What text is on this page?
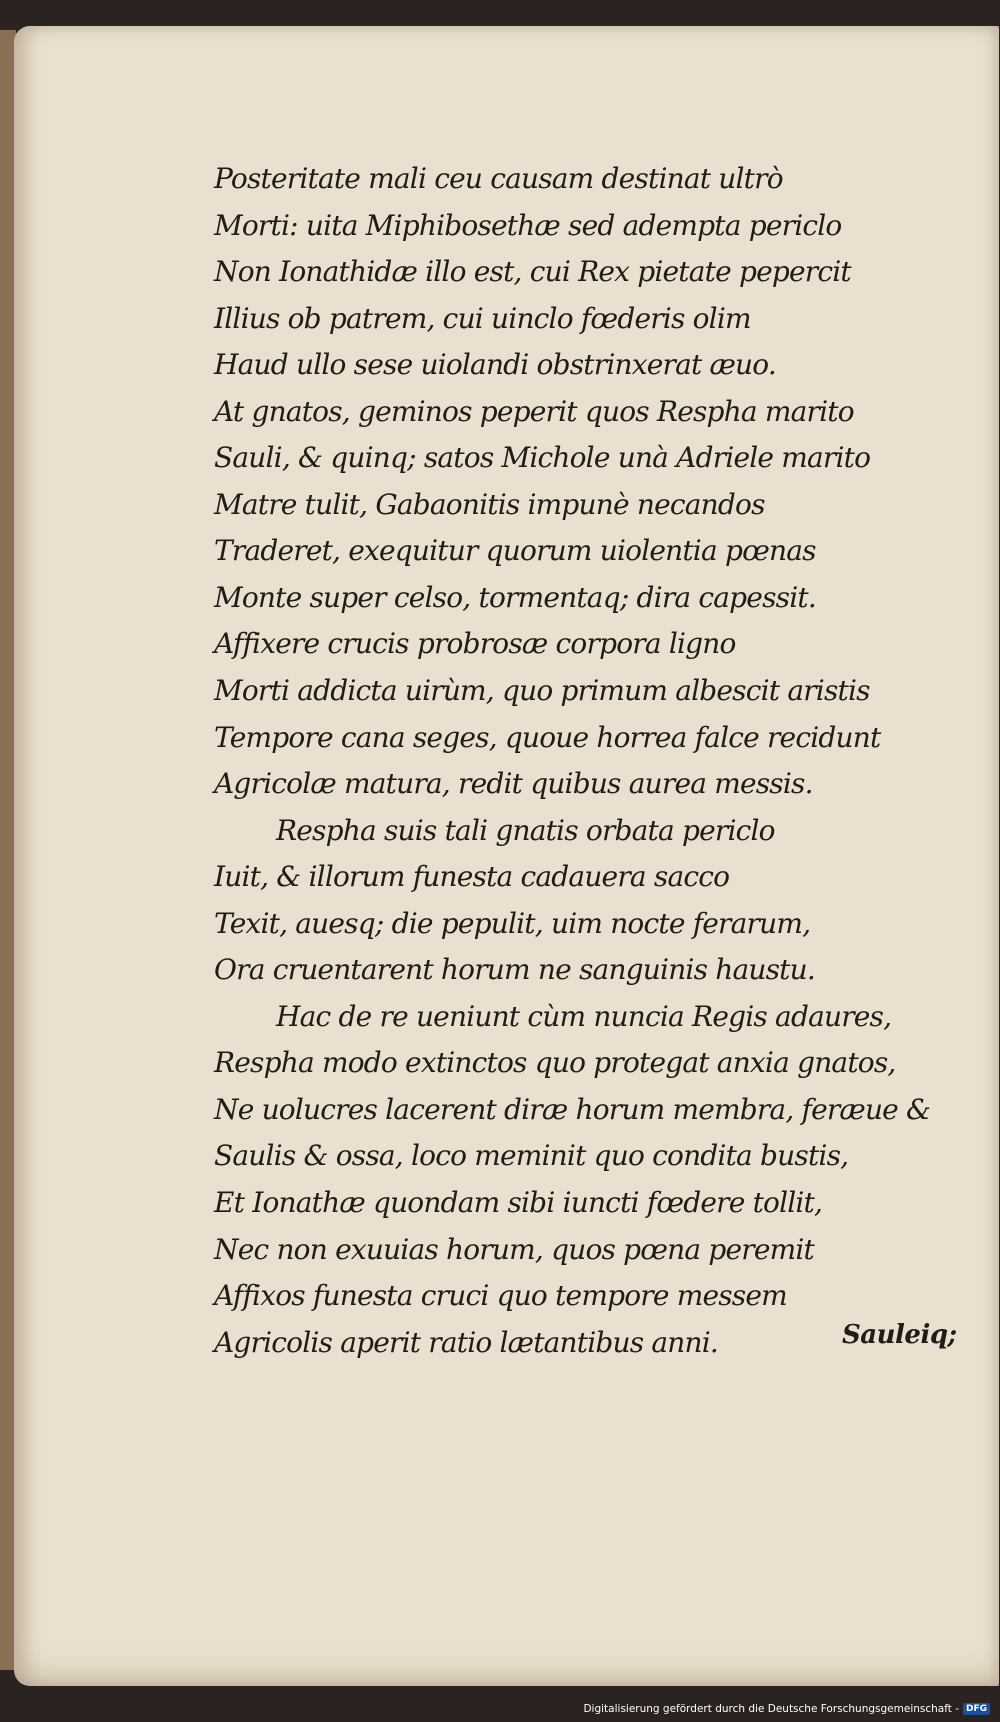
Posteritate mali ceu causam destinat ultrò
Morti: uita Miphibosethæ sed adempta periclo
Non Ionathidæ illo est, cui Rex pietate pepercit
Illius ob patrem, cui uinclo fœderis olim
Haud ullo sese uiolandi obstrinxerat æuo.
At gnatos, geminos peperit quos Respha marito
Sauli, & quinq; satos Michole unà Adriele marito
Matre tulit, Gabaonitis impunè necandos
Traderet, exequitur quorum uiolentia pœnas
Monte super celso, tormentaq; dira capessit.
Affixere crucis probrosæ corpora ligno
Morti addicta uirùm, quo primum albescit aristis
Tempore cana seges, quoue horrea falce recidunt
Agricolæ matura, redit quibus aurea messis.
Respha suis tali gnatis orbata periclo
Iuit, & illorum funesta cadauera sacco
Texit, auesq; die pepulit, uim nocte ferarum,
Ora cruentarent horum ne sanguinis haustu.
Hac de re ueniunt cùm nuncia Regis adaures,
Respha modo extinctos quo protegat anxia gnatos,
Ne uolucres lacerent diræ horum membra, feræue &
Saulis & ossa, loco meminit quo condita bustis,
Et Ionathæ quondam sibi iuncti fœdere tollit,
Nec non exuuias horum, quos pœna peremit
Affixos funesta cruci quo tempore messem
Agricolis aperit ratio lætantibus anni.	Sauleiq;
Digitalisierung gefördert durch die Deutsche Forschungsgemeinschaft - DFG
